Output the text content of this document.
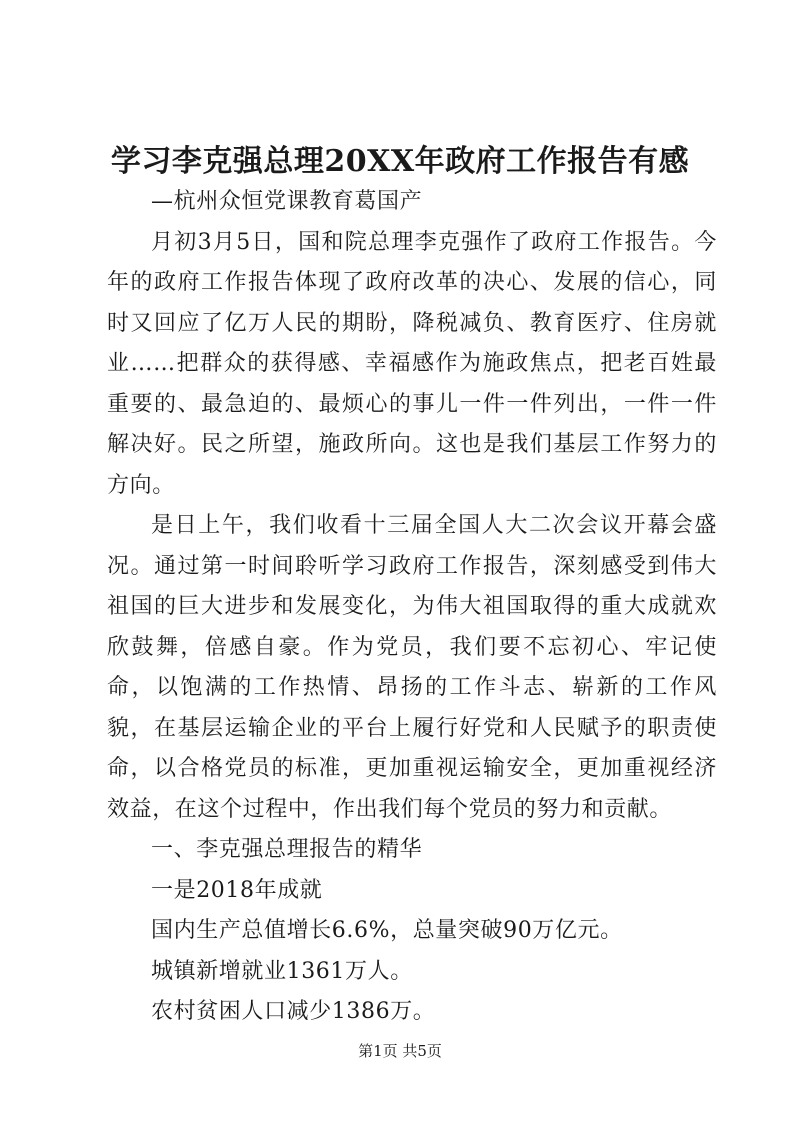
学习李克强总理20XX年政府工作报告有感

—杭州众恒党课教育葛国产

月初3月5日，国和院总理李克强作了政府工作报告。今年的政府工作报告体现了政府改革的决心、发展的信心，同时又回应了亿万人民的期盼，降税减负、教育医疗、住房就业……把群众的获得感、幸福感作为施政焦点，把老百姓最重要的、最急迫的、最烦心的事儿一件一件列出，一件一件解决好。民之所望，施政所向。这也是我们基层工作努力的方向。

是日上午，我们收看十三届全国人大二次会议开幕会盛况。通过第一时间聆听学习政府工作报告，深刻感受到伟大祖国的巨大进步和发展变化，为伟大祖国取得的重大成就欢欣鼓舞，倍感自豪。作为党员，我们要不忘初心、牢记使命，以饱满的工作热情、昂扬的工作斗志、崭新的工作风貌，在基层运输企业的平台上履行好党和人民赋予的职责使命，以合格党员的标准，更加重视运输安全，更加重视经济效益，在这个过程中，作出我们每个党员的努力和贡献。

一、李克强总理报告的精华

一是2018年成就

国内生产总值增长6.6%，总量突破90万亿元。

城镇新增就业1361万人。

农村贫困人口减少1386万。

第1页 共5页
